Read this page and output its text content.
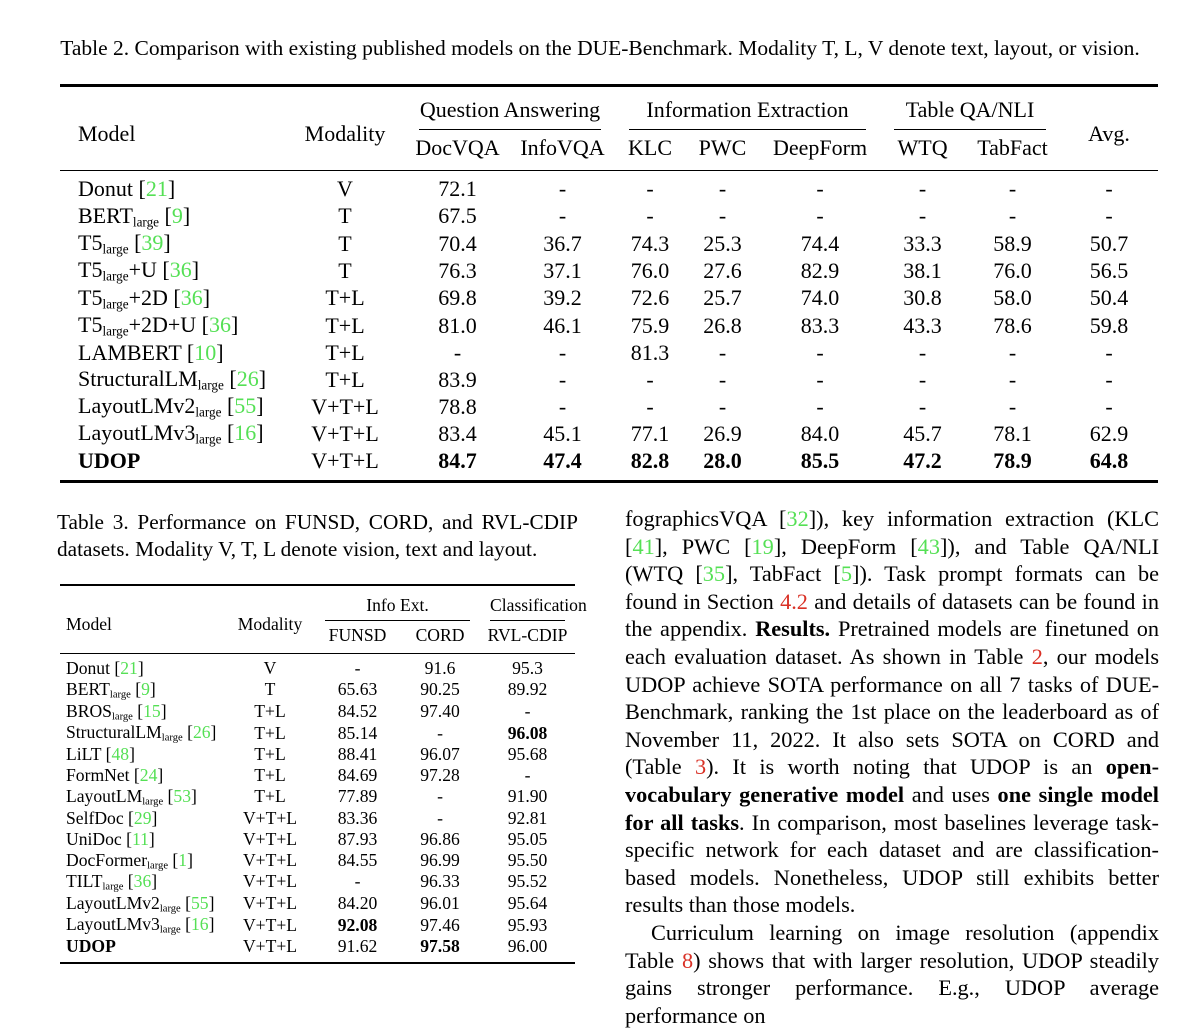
Table 2. Comparison with existing published models on the DUE-Benchmark. Modality T, L, V denote text, layout, or vision.
Model	Modality	Question Answering		Information Extraction			Table QA/NLI		Avg.
		DocVQA	InfoVQA	KLC	PWC	DeepForm	WTQ	TabFact	
Donut [21]	V	72.1	-	-	-	-	-	-	-
$BERT_{large}$ [9]	T	67.5	-	-	-	-	-	-	-
$T5_{large}$ [39]	T	70.4	36.7	74.3	25.3	74.4	33.3	58.9	50.7
$T5_{large}+U$ [36]	T	76.3	37.1	76.0	27.6	82.9	38.1	76.0	56.5
$T5_{large}+2D$ [36]	T+L	69.8	39.2	72.6	25.7	74.0	30.8	58.0	50.4
$T5_{large}+2D+U$ [36]	T+L	81.0	46.1	75.9	26.8	83.3	43.3	78.6	59.8
LAMBERT [10]	T+L	-	-	81.3	-	-	-	-	-
StructuralLM$_{large}$ [26]	T+L	83.9	-	-	-	-	-	-	-
$LayoutLMv2_{large}$ [55]	V+T+L	78.8	-	-	-	-	-	-	-
$LayoutLMv3_{large}$ [16]	V+T+L	83.4	45.1	77.1	26.9	84.0	45.7	78.1	62.9
UDOP	V+T+L	84.7	47.4	82.8	28.0	85.5	47.2	78.9	64.8
Table 3. Performance on FUNSD, CORD, and RVL-CDIP datasets. Modality V, T, L denote vision, text and layout.
Model	Modality	Info Ext.		Classification

		FUNSD	CORD	RVL-CDIP
Donut [21]	V	-	91.6	95.3
$BERT_{large}$ [9]	T	65.63	90.25	89.92
$BROS_{large}$ [15]	T+L	84.52	97.40	-
StructuralLM$_{large}$ [26]	T+L	85.14	-	96.08
LiLT [48]	T+L	88.41	96.07	95.68
FormNet [24]	T+L	84.69	97.28	-
LayoutLM$_{large}$ [53]	T+L	77.89	-	91.90
SelfDoc [29]	V+T+L	83.36	-	92.81
UniDoc [11]	V+T+L	87.93	96.86	95.05
DocFormer$_{large}$ [1]	V+T+L	84.55	96.99	95.50
$TILT_{large}$ [36]	V+T+L	-	96.33	95.52
$LayoutLMv2_{large}$ [55]	V+T+L	84.20	96.01	95.64
$LayoutLMv3_{large}$ [16]	V+T+L	92.08	97.46	95.93
UDOP	V+T+L	91.62	97.58	96.00

fographicsVQA [32]), key information extraction (KLC [41], PWC [19], DeepForm [43]), and Table QA/NLI (WTQ [35], TabFact [5]). Task prompt formats can be found in Section 4.2 and details of datasets can be found in the appendix. Results. Pretrained models are finetuned on each evaluation dataset. As shown in Table 2, our models UDOP achieve SOTA performance on all 7 tasks of DUE-Benchmark, ranking the 1st place on the leaderboard as of November 11, 2022. It also sets SOTA on CORD and (Table 3). It is worth noting that UDOP is an open-vocabulary generative model and uses one single model for all tasks. In comparison, most baselines leverage task-specific network for each dataset and are classification-based models. Nonetheless, UDOP still exhibits better results than those models.

Curriculum learning on image resolution (appendix Table 8) shows that with larger resolution, UDOP steadily gains stronger performance. E.g., UDOP average performance on
